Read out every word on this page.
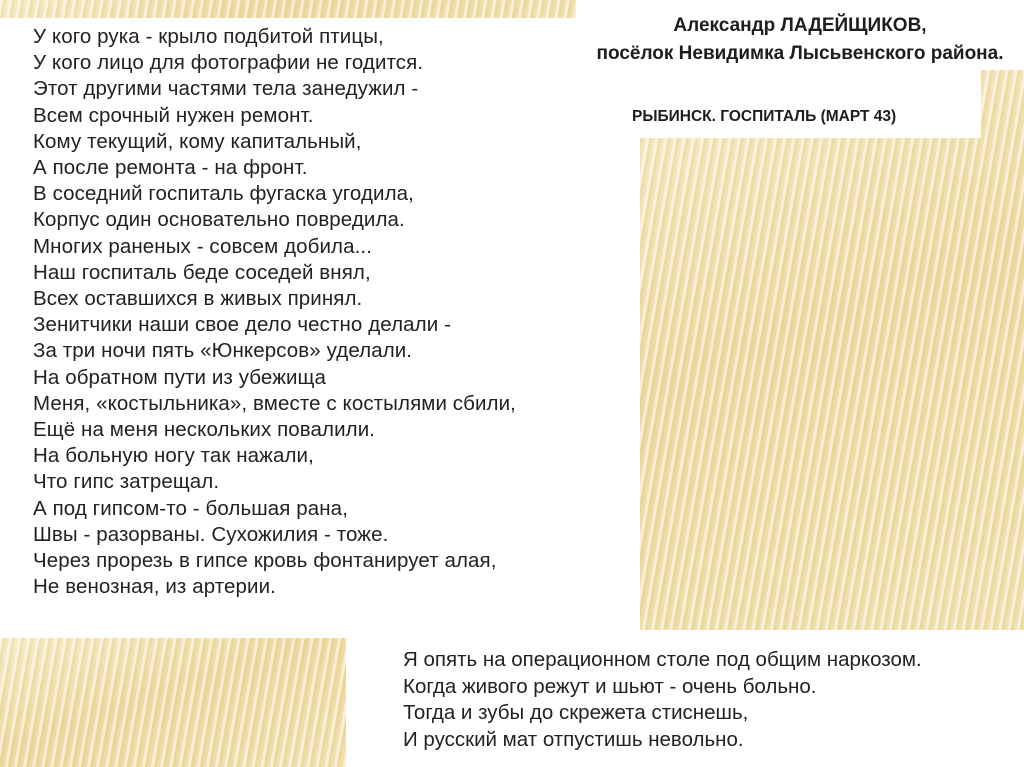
Александр ЛАДЕЙЩИКОВ,
посёлок Невидимка Лысьвенского района.
РЫБИНСК. ГОСПИТАЛЬ (МАРТ 43)
У кого рука - крыло подбитой птицы,
У кого лицо для фотографии не годится.
Этот другими частями тела занедужил -
Всем срочный нужен ремонт.
Кому текущий, кому капитальный,
А после ремонта - на фронт.
В соседний госпиталь фугаска угодила,
Корпус один основательно повредила.
Многих раненых - совсем добила...
Наш госпиталь беде соседей внял,
Всех оставшихся в живых принял.
Зенитчики наши свое дело честно делали -
За три ночи пять «Юнкерсов» уделали.
На обратном пути из убежища
Меня, «костыльника», вместе с костылями сбили,
Ещё на меня нескольких повалили.
На больную ногу так нажали,
Что гипс затрещал.
А под гипсом-то - большая рана,
Швы - разорваны. Сухожилия - тоже.
Через прорезь в гипсе кровь фонтанирует алая,
Не венозная, из артерии.
Я опять на операционном столе под общим наркозом.
Когда живого режут и шьют - очень больно.
Тогда и зубы до скрежета стиснешь,
И русский мат отпустишь невольно.
